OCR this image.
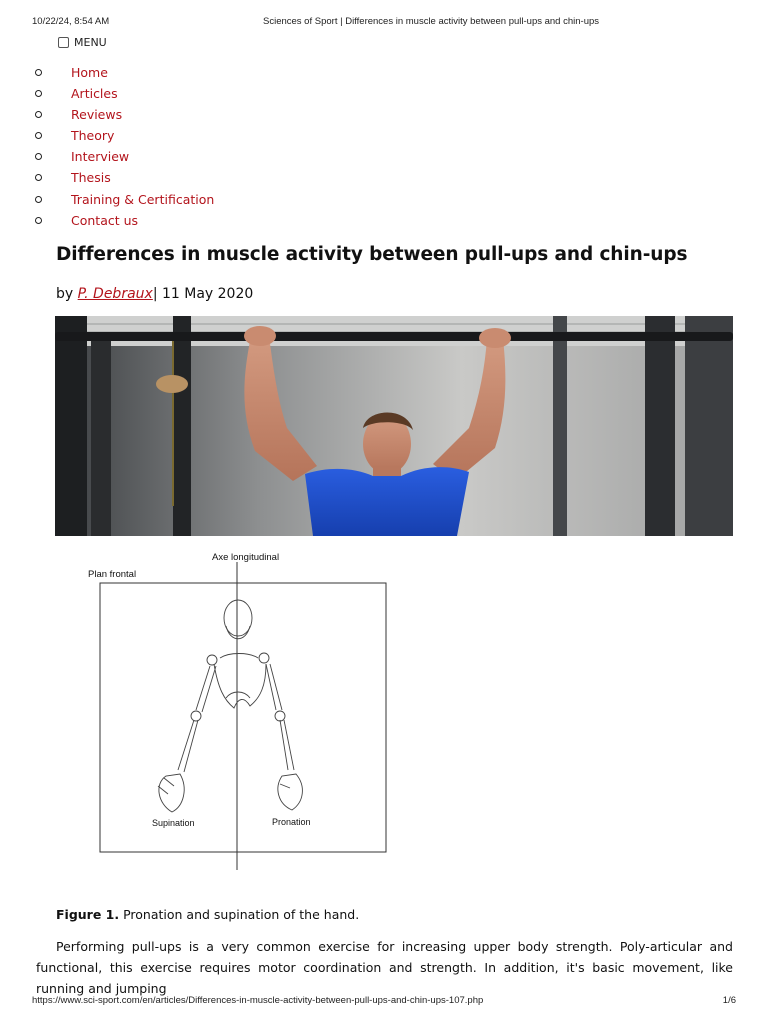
10/22/24, 8:54 AM	Sciences of Sport | Differences in muscle activity between pull-ups and chin-ups
MENU
Home
Articles
Reviews
Theory
Interview
Thesis
Training & Certification
Contact us
Differences in muscle activity between pull-ups and chin-ups
by P. Debraux| 11 May 2020
Axe longitudinal
Plan frontal
Supination	Pronation
Figure 1. Pronation and supination of the hand.

Performing pull-ups is a very common exercise for increasing upper body strength. Poly-articular and functional, this exercise requires motor coordination and strength. In addition, it's basic movement, like running and jumping

https://www.sci-sport.com/en/articles/Differences-in-muscle-activity-between-pull-ups-and-chin-ups-107.php	1/6
